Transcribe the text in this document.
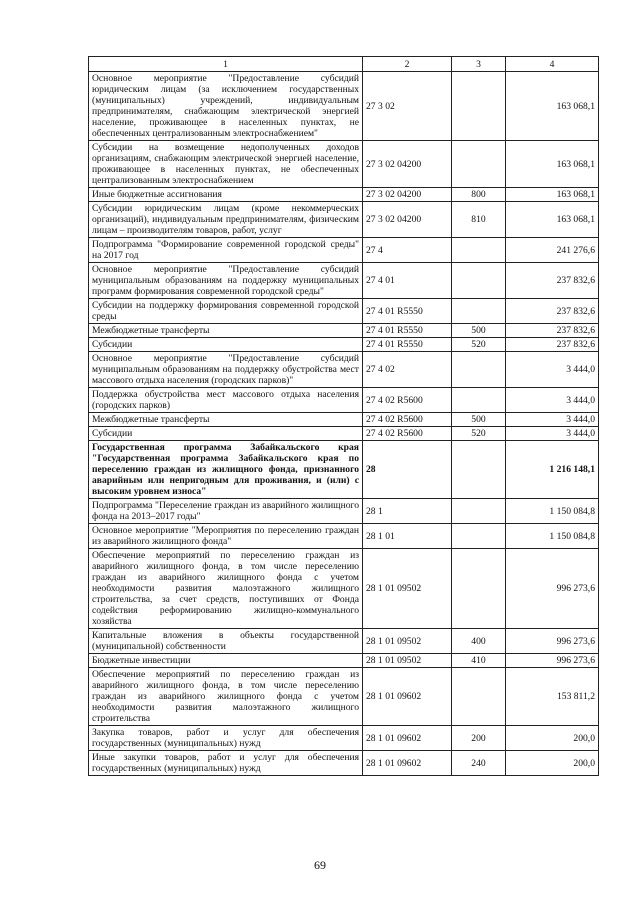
1	2	3	4
Основное мероприятие "Предоставление субсидий юридическим лицам (за исключением государственных (муниципальных) учреждений, индивидуальным предпринимателям, снабжающим электрической энергией население, проживающее в населенных пунктах, не обеспеченных централизованным электроснабжением"	27 3 02		163 068,1
Субсидии на возмещение недополученных доходов организациям, снабжающим электрической энергией население, проживающее в населенных пунктах, не обеспеченных централизованным электроснабжением	27 3 02 04200		163 068,1
Иные бюджетные ассигнования	27 3 02 04200	800	163 068,1
Субсидии юридическим лицам (кроме некоммерческих организаций), индивидуальным предпринимателям, физическим лицам – производителям товаров, работ, услуг	27 3 02 04200	810	163 068,1
Подпрограмма "Формирование современной городской среды" на 2017 год	27 4		241 276,6
Основное мероприятие "Предоставление субсидий муниципальным образованиям на поддержку муниципальных программ формирования современной городской среды"	27 4 01		237 832,6
Субсидии на поддержку формирования современной городской среды	27 4 01 R5550		237 832,6
Межбюджетные трансферты	27 4 01 R5550	500	237 832,6
Субсидии	27 4 01 R5550	520	237 832,6
Основное мероприятие "Предоставление субсидий муниципальным образованиям на поддержку обустройства мест массового отдыха населения (городских парков)"	27 4 02		3 444,0
Поддержка обустройства мест массового отдыха населения (городских парков)	27 4 02 R5600		3 444,0
Межбюджетные трансферты	27 4 02 R5600	500	3 444,0
Субсидии	27 4 02 R5600	520	3 444,0
Государственная программа Забайкальского края "Государственная программа Забайкальского края по переселению граждан из жилищного фонда, признанного аварийным или непригодным для проживания, и (или) с высоким уровнем износа"	28		1 216 148,1
Подпрограмма "Переселение граждан из аварийного жилищного фонда на 2013–2017 годы"	28 1		1 150 084,8
Основное мероприятие "Мероприятия по переселению граждан из аварийного жилищного фонда"	28 1 01		1 150 084,8
Обеспечение мероприятий по переселению граждан из аварийного жилищного фонда, в том числе переселению граждан из аварийного жилищного фонда с учетом необходимости развития малоэтажного жилищного строительства, за счет средств, поступивших от Фонда содействия реформированию жилищно-коммунального хозяйства	28 1 01 09502		996 273,6
Капитальные вложения в объекты государственной (муниципальной) собственности	28 1 01 09502	400	996 273,6
Бюджетные инвестиции	28 1 01 09502	410	996 273,6
Обеспечение мероприятий по переселению граждан из аварийного жилищного фонда, в том числе переселению граждан из аварийного жилищного фонда с учетом необходимости развития малоэтажного жилищного строительства	28 1 01 09602		153 811,2
Закупка товаров, работ и услуг для обеспечения государственных (муниципальных) нужд	28 1 01 09602	200	200,0
Иные закупки товаров, работ и услуг для обеспечения государственных (муниципальных) нужд	28 1 01 09602	240	200,0
69
